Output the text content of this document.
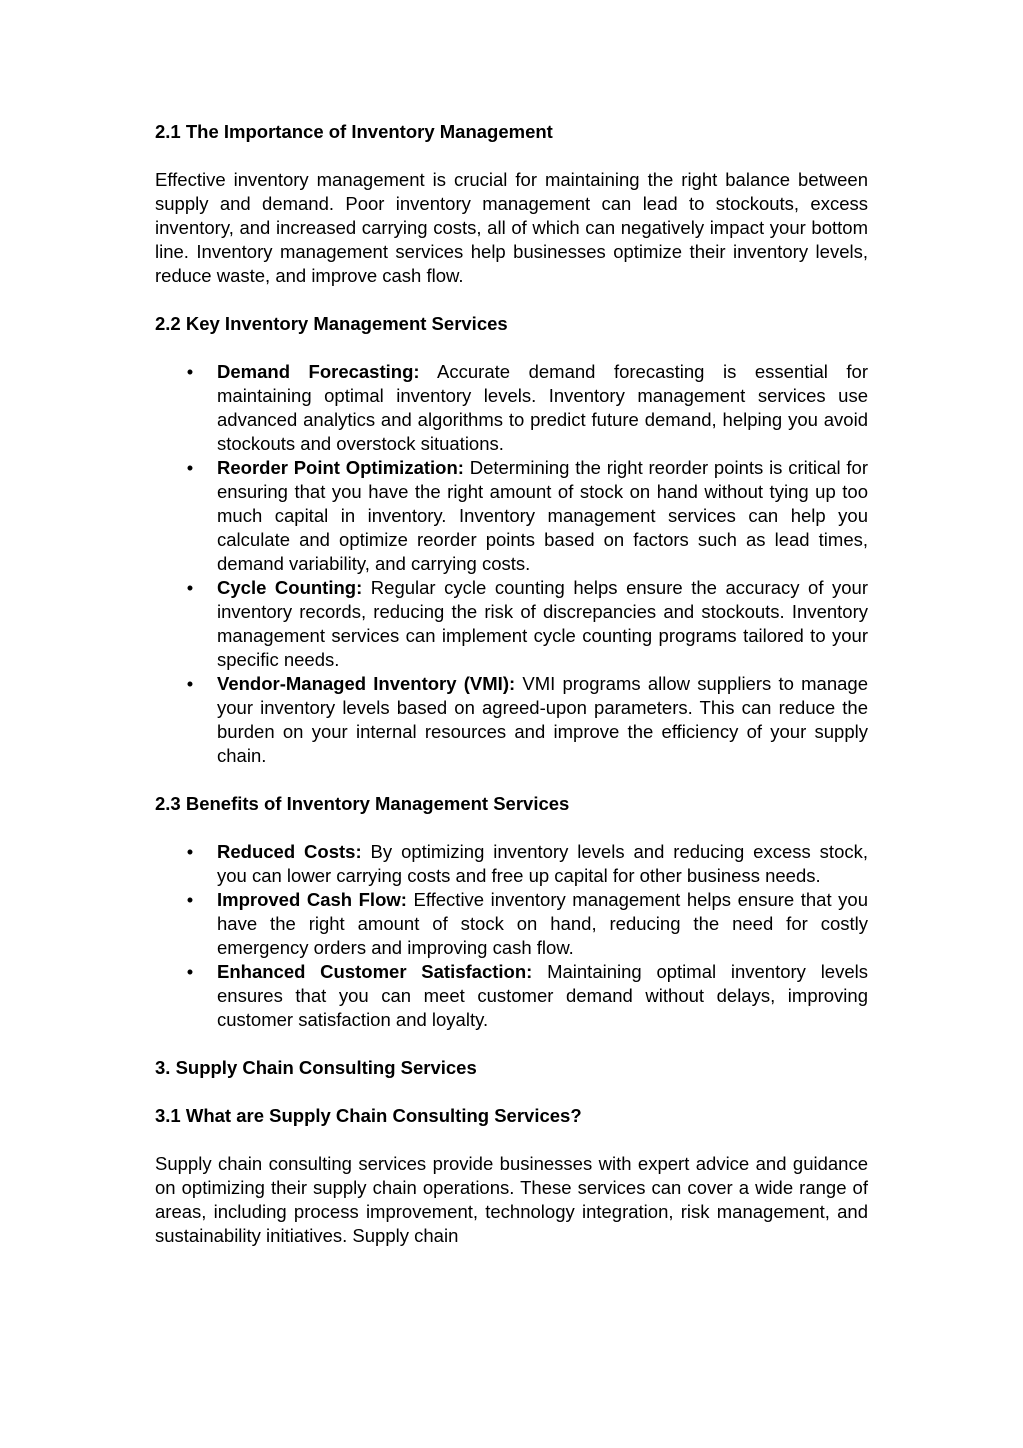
2.1 The Importance of Inventory Management
Effective inventory management is crucial for maintaining the right balance between supply and demand. Poor inventory management can lead to stockouts, excess inventory, and increased carrying costs, all of which can negatively impact your bottom line. Inventory management services help businesses optimize their inventory levels, reduce waste, and improve cash flow.
2.2 Key Inventory Management Services
• Demand Forecasting: Accurate demand forecasting is essential for maintaining optimal inventory levels. Inventory management services use advanced analytics and algorithms to predict future demand, helping you avoid stockouts and overstock situations.
• Reorder Point Optimization: Determining the right reorder points is critical for ensuring that you have the right amount of stock on hand without tying up too much capital in inventory. Inventory management services can help you calculate and optimize reorder points based on factors such as lead times, demand variability, and carrying costs.
• Cycle Counting: Regular cycle counting helps ensure the accuracy of your inventory records, reducing the risk of discrepancies and stockouts. Inventory management services can implement cycle counting programs tailored to your specific needs.
• Vendor-Managed Inventory (VMI): VMI programs allow suppliers to manage your inventory levels based on agreed-upon parameters. This can reduce the burden on your internal resources and improve the efficiency of your supply chain.
2.3 Benefits of Inventory Management Services
• Reduced Costs: By optimizing inventory levels and reducing excess stock, you can lower carrying costs and free up capital for other business needs.
• Improved Cash Flow: Effective inventory management helps ensure that you have the right amount of stock on hand, reducing the need for costly emergency orders and improving cash flow.
• Enhanced Customer Satisfaction: Maintaining optimal inventory levels ensures that you can meet customer demand without delays, improving customer satisfaction and loyalty.
3. Supply Chain Consulting Services
3.1 What are Supply Chain Consulting Services?
Supply chain consulting services provide businesses with expert advice and guidance on optimizing their supply chain operations. These services can cover a wide range of areas, including process improvement, technology integration, risk management, and sustainability initiatives. Supply chain
